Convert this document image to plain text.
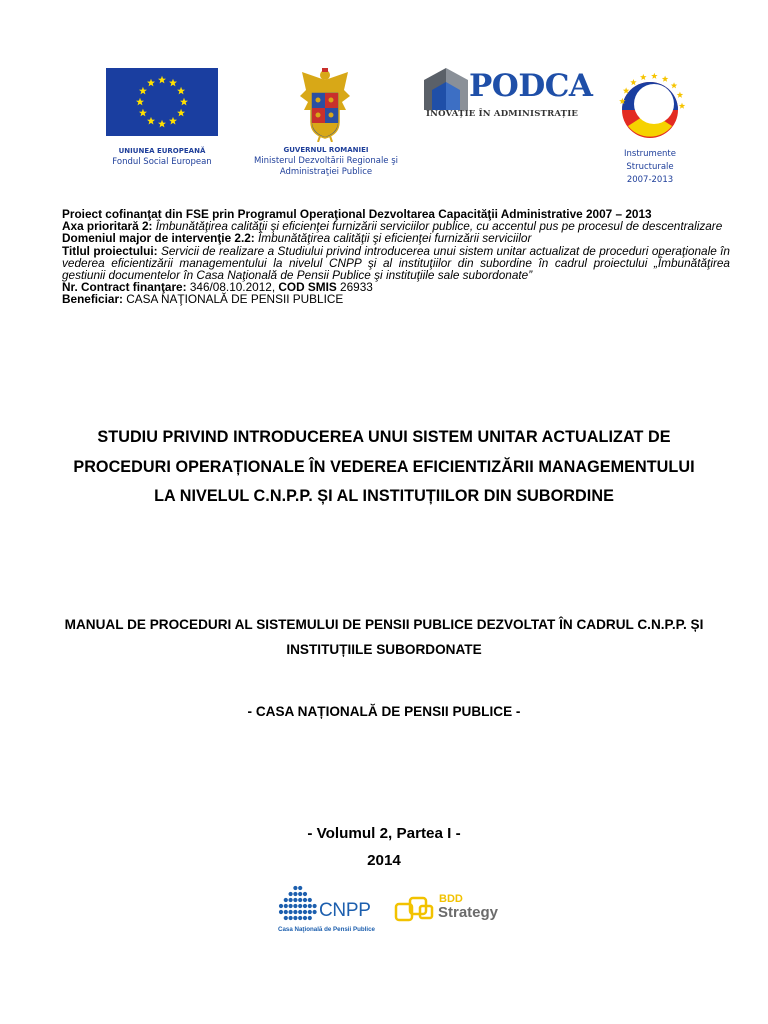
UNIUNEA EUROPEANĂ
Fondul Social European
GUVERNUL ROMANIEI
Ministerul Dezvoltării Regionale şi
Administraţiei Publice
PODCA
INOVAȚIE ÎN ADMINISTRAȚIE
Instrumente
Structurale
2007-2013

Proiect cofinanţat din FSE prin Programul Operaţional Dezvoltarea Capacităţii Administrative 2007 – 2013

Axa prioritară 2: Îmbunătăţirea calităţii şi eficienţei furnizării serviciilor publice, cu accentul pus pe procesul de descentralizare

Domeniul major de intervenţie 2.2: Îmbunătăţirea calităţii şi eficienţei furnizării serviciilor

Titlul proiectului: Servicii de realizare a Studiului privind introducerea unui sistem unitar actualizat de proceduri operaţionale în vederea eficientizării managementului la nivelul CNPP şi al instituţiilor din subordine în cadrul proiectului „Îmbunătăţirea gestiunii documentelor în Casa Naţională de Pensii Publice şi instituţiile sale subordonate”

Nr. Contract finanţare: 346/08.10.2012, COD SMIS 26933

Beneficiar: CASA NAŢIONALĂ DE PENSII PUBLICE

STUDIU PRIVIND INTRODUCEREA UNUI SISTEM UNITAR ACTUALIZAT DE PROCEDURI OPERAȚIONALE ÎN VEDEREA EFICIENTIZĂRII MANAGEMENTULUI LA NIVELUL C.N.P.P. ȘI AL INSTITUȚIILOR DIN SUBORDINE
MANUAL DE PROCEDURI AL SISTEMULUI DE PENSII PUBLICE DEZVOLTAT ÎN CADRUL C.N.P.P. ȘI INSTITUȚIILE SUBORDONATE
- CASA NAȚIONALĂ DE PENSII PUBLICE -
- Volumul 2, Partea I -
2014
CNPP
Casa Naţională de Pensii Publice
BDD
Strategy
